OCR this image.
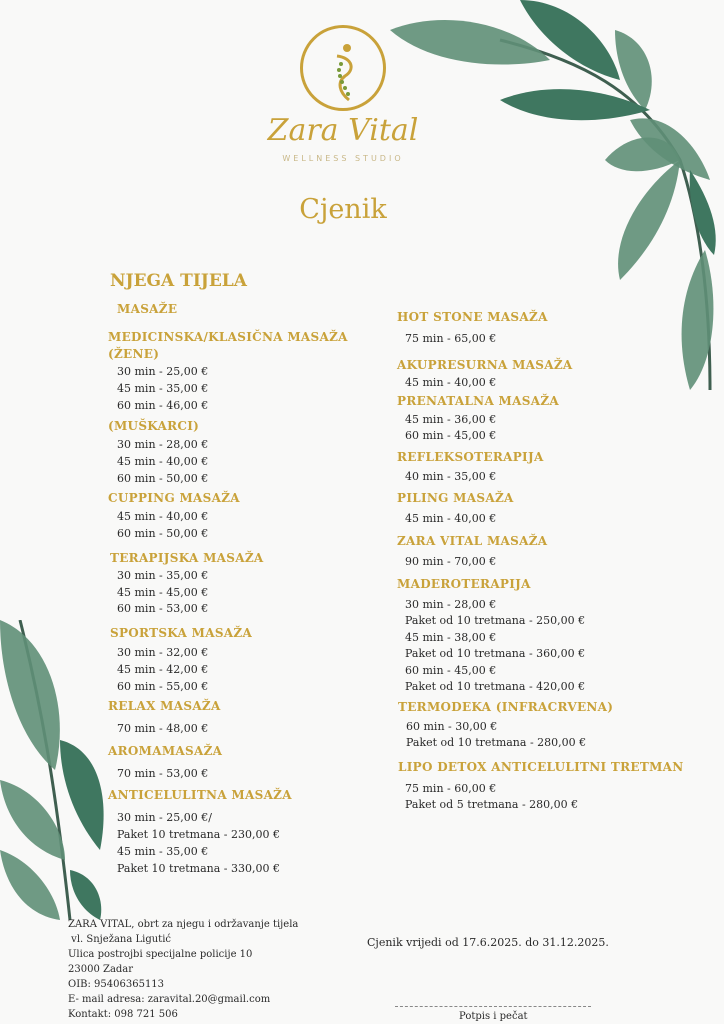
Zara Vital
WELLNESS STUDIO
Cjenik
NJEGA TIJELA
MASAŽE
MEDICINSKA/KLASIČNA MASAŽA
(ŽENE)
30 min - 25,00 €
45 min - 35,00 €
60 min - 46,00 €
(MUŠKARCI)
30 min - 28,00 €
45 min - 40,00 €
60 min - 50,00 €
CUPPING MASAŽA
45 min - 40,00 €
60 min - 50,00 €
TERAPIJSKA MASAŽA
30 min - 35,00 €
45 min - 45,00 €
60 min - 53,00 €
SPORTSKA MASAŽA
30 min - 32,00 €
45 min - 42,00 €
60 min - 55,00 €
RELAX MASAŽA
70 min - 48,00 €
AROMAMASAŽA
70 min - 53,00 €
ANTICELULITNA MASAŽA
30 min - 25,00 €/
Paket 10 tretmana - 230,00 €
45 min - 35,00 €
Paket 10 tretmana - 330,00 €
HOT STONE MASAŽA
75 min - 65,00 €
AKUPRESURNA MASAŽA
45 min - 40,00 €
PRENATALNA MASAŽA
45 min - 36,00 €
60 min - 45,00 €
REFLEKSOTERAPIJA
40 min - 35,00 €
PILING MASAŽA
45 min - 40,00 €
ZARA VITAL MASAŽA
90 min - 70,00 €
MADEROTERAPIJA
30 min - 28,00 €
Paket od 10 tretmana - 250,00 €
45 min - 38,00 €
Paket od 10 tretmana - 360,00 €
60 min - 45,00 €
Paket od 10 tretmana - 420,00 €
TERMODEKA (INFRACRVENA)
60 min - 30,00 €
Paket od 10 tretmana - 280,00 €
LIPO DETOX ANTICELULITNI TRETMAN
75 min - 60,00 €
Paket od 5 tretmana - 280,00 €
ZARA VITAL, obrt za njegu i održavanje tijela
vl. Snježana Ligutić
Ulica postrojbi specijalne policije 10
23000 Zadar
OIB: 95406365113
E- mail adresa: zaravital.20@gmail.com
Kontakt: 098 721 506
Cjenik vrijedi od 17.6.2025. do 31.12.2025.
Potpis i pečat
